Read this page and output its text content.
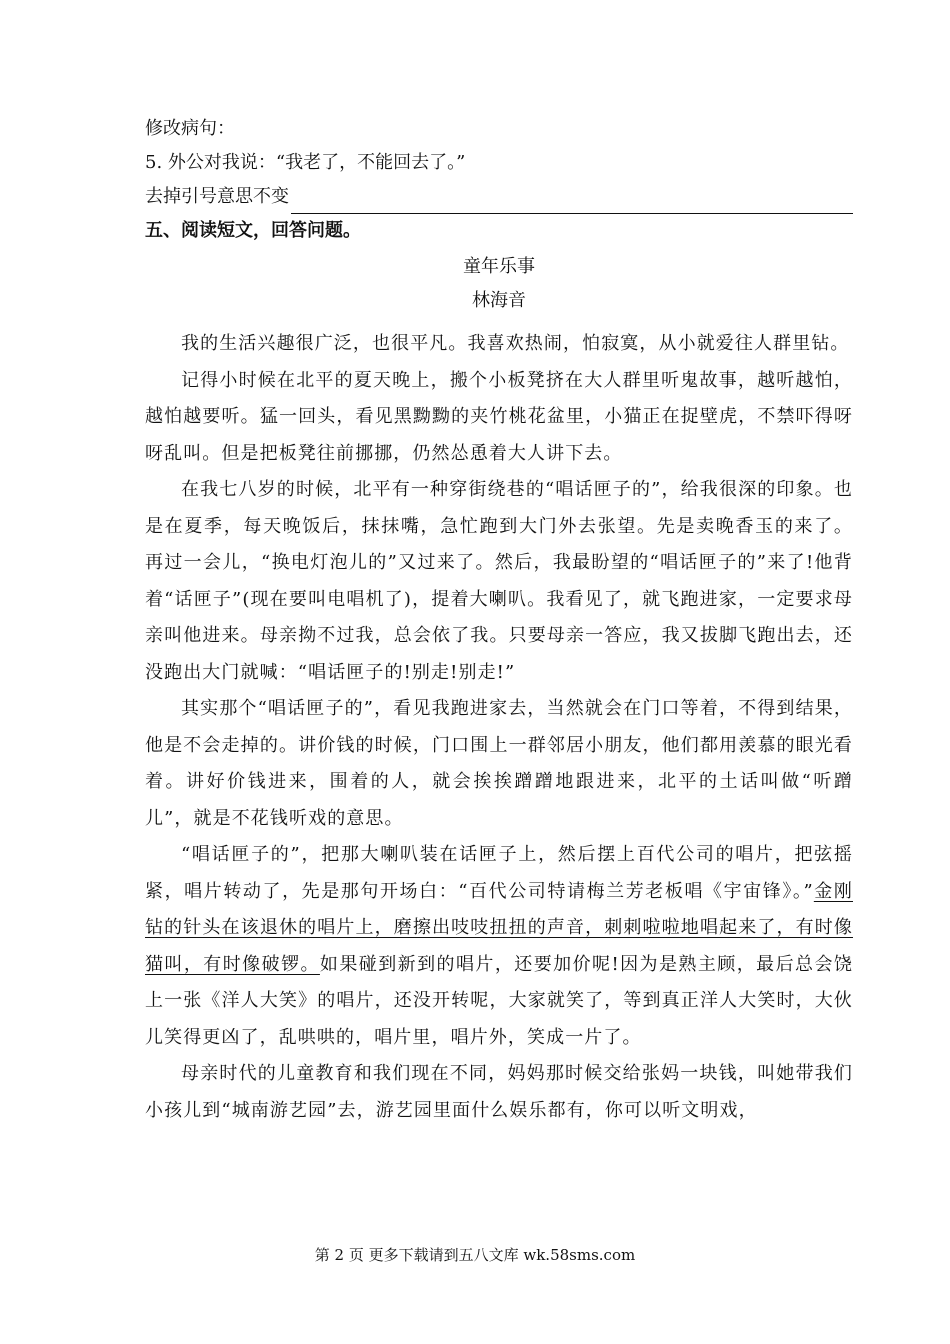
修改病句：

5. 外公对我说：“我老了，不能回去了。”

去掉引号意思不变

五、阅读短文，回答问题。

童年乐事

林海音

我的生活兴趣很广泛，也很平凡。我喜欢热闹，怕寂寞，从小就爱往人群里钻。

记得小时候在北平的夏天晚上，搬个小板凳挤在大人群里听鬼故事，越听越怕，越怕越要听。猛一回头，看见黑黝黝的夹竹桃花盆里，小猫正在捉壁虎，不禁吓得呀呀乱叫。但是把板凳往前挪挪，仍然怂恿着大人讲下去。

在我七八岁的时候，北平有一种穿街绕巷的“唱话匣子的”，给我很深的印象。也是在夏季，每天晚饭后，抹抹嘴，急忙跑到大门外去张望。先是卖晚香玉的来了。 再过一会儿，“换电灯泡儿的”又过来了。然后，我最盼望的“唱话匣子的”来了!他背着“话匣子”(现在要叫电唱机了)，提着大喇叭。我看见了，就飞跑进家，一定要求母亲叫他进来。母亲拗不过我，总会依了我。只要母亲一答应，我又拔脚飞跑出去，还没跑出大门就喊：“唱话匣子的!别走!别走!”

其实那个“唱话匣子的”，看见我跑进家去，当然就会在门口等着，不得到结果，他是不会走掉的。讲价钱的时候，门口围上一群邻居小朋友，他们都用羡慕的眼光看着。讲好价钱进来，围着的人，就会挨挨蹭蹭地跟进来，北平的土话叫做“听蹭儿”，就是不花钱听戏的意思。

“唱话匣子的”，把那大喇叭装在话匣子上，然后摆上百代公司的唱片，把弦摇紧，唱片转动了，先是那句开场白：“百代公司特请梅兰芳老板唱《宇宙锋》。”金刚钻的针头在该退休的唱片上，磨擦出吱吱扭扭的声音，刺刺啦啦地唱起来了，有时像猫叫，有时像破锣。如果碰到新到的唱片，还要加价呢!因为是熟主顾，最后总会饶上一张《洋人大笑》的唱片，还没开转呢，大家就笑了，等到真正洋人大笑时，大伙儿笑得更凶了，乱哄哄的，唱片里，唱片外，笑成一片了。

母亲时代的儿童教育和我们现在不同，妈妈那时候交给张妈一块钱，叫她带我们小孩儿到“城南游艺园”去，游艺园里面什么娱乐都有，你可以听文明戏，

第 2 页 更多下载请到五八文库 wk.58sms.com
